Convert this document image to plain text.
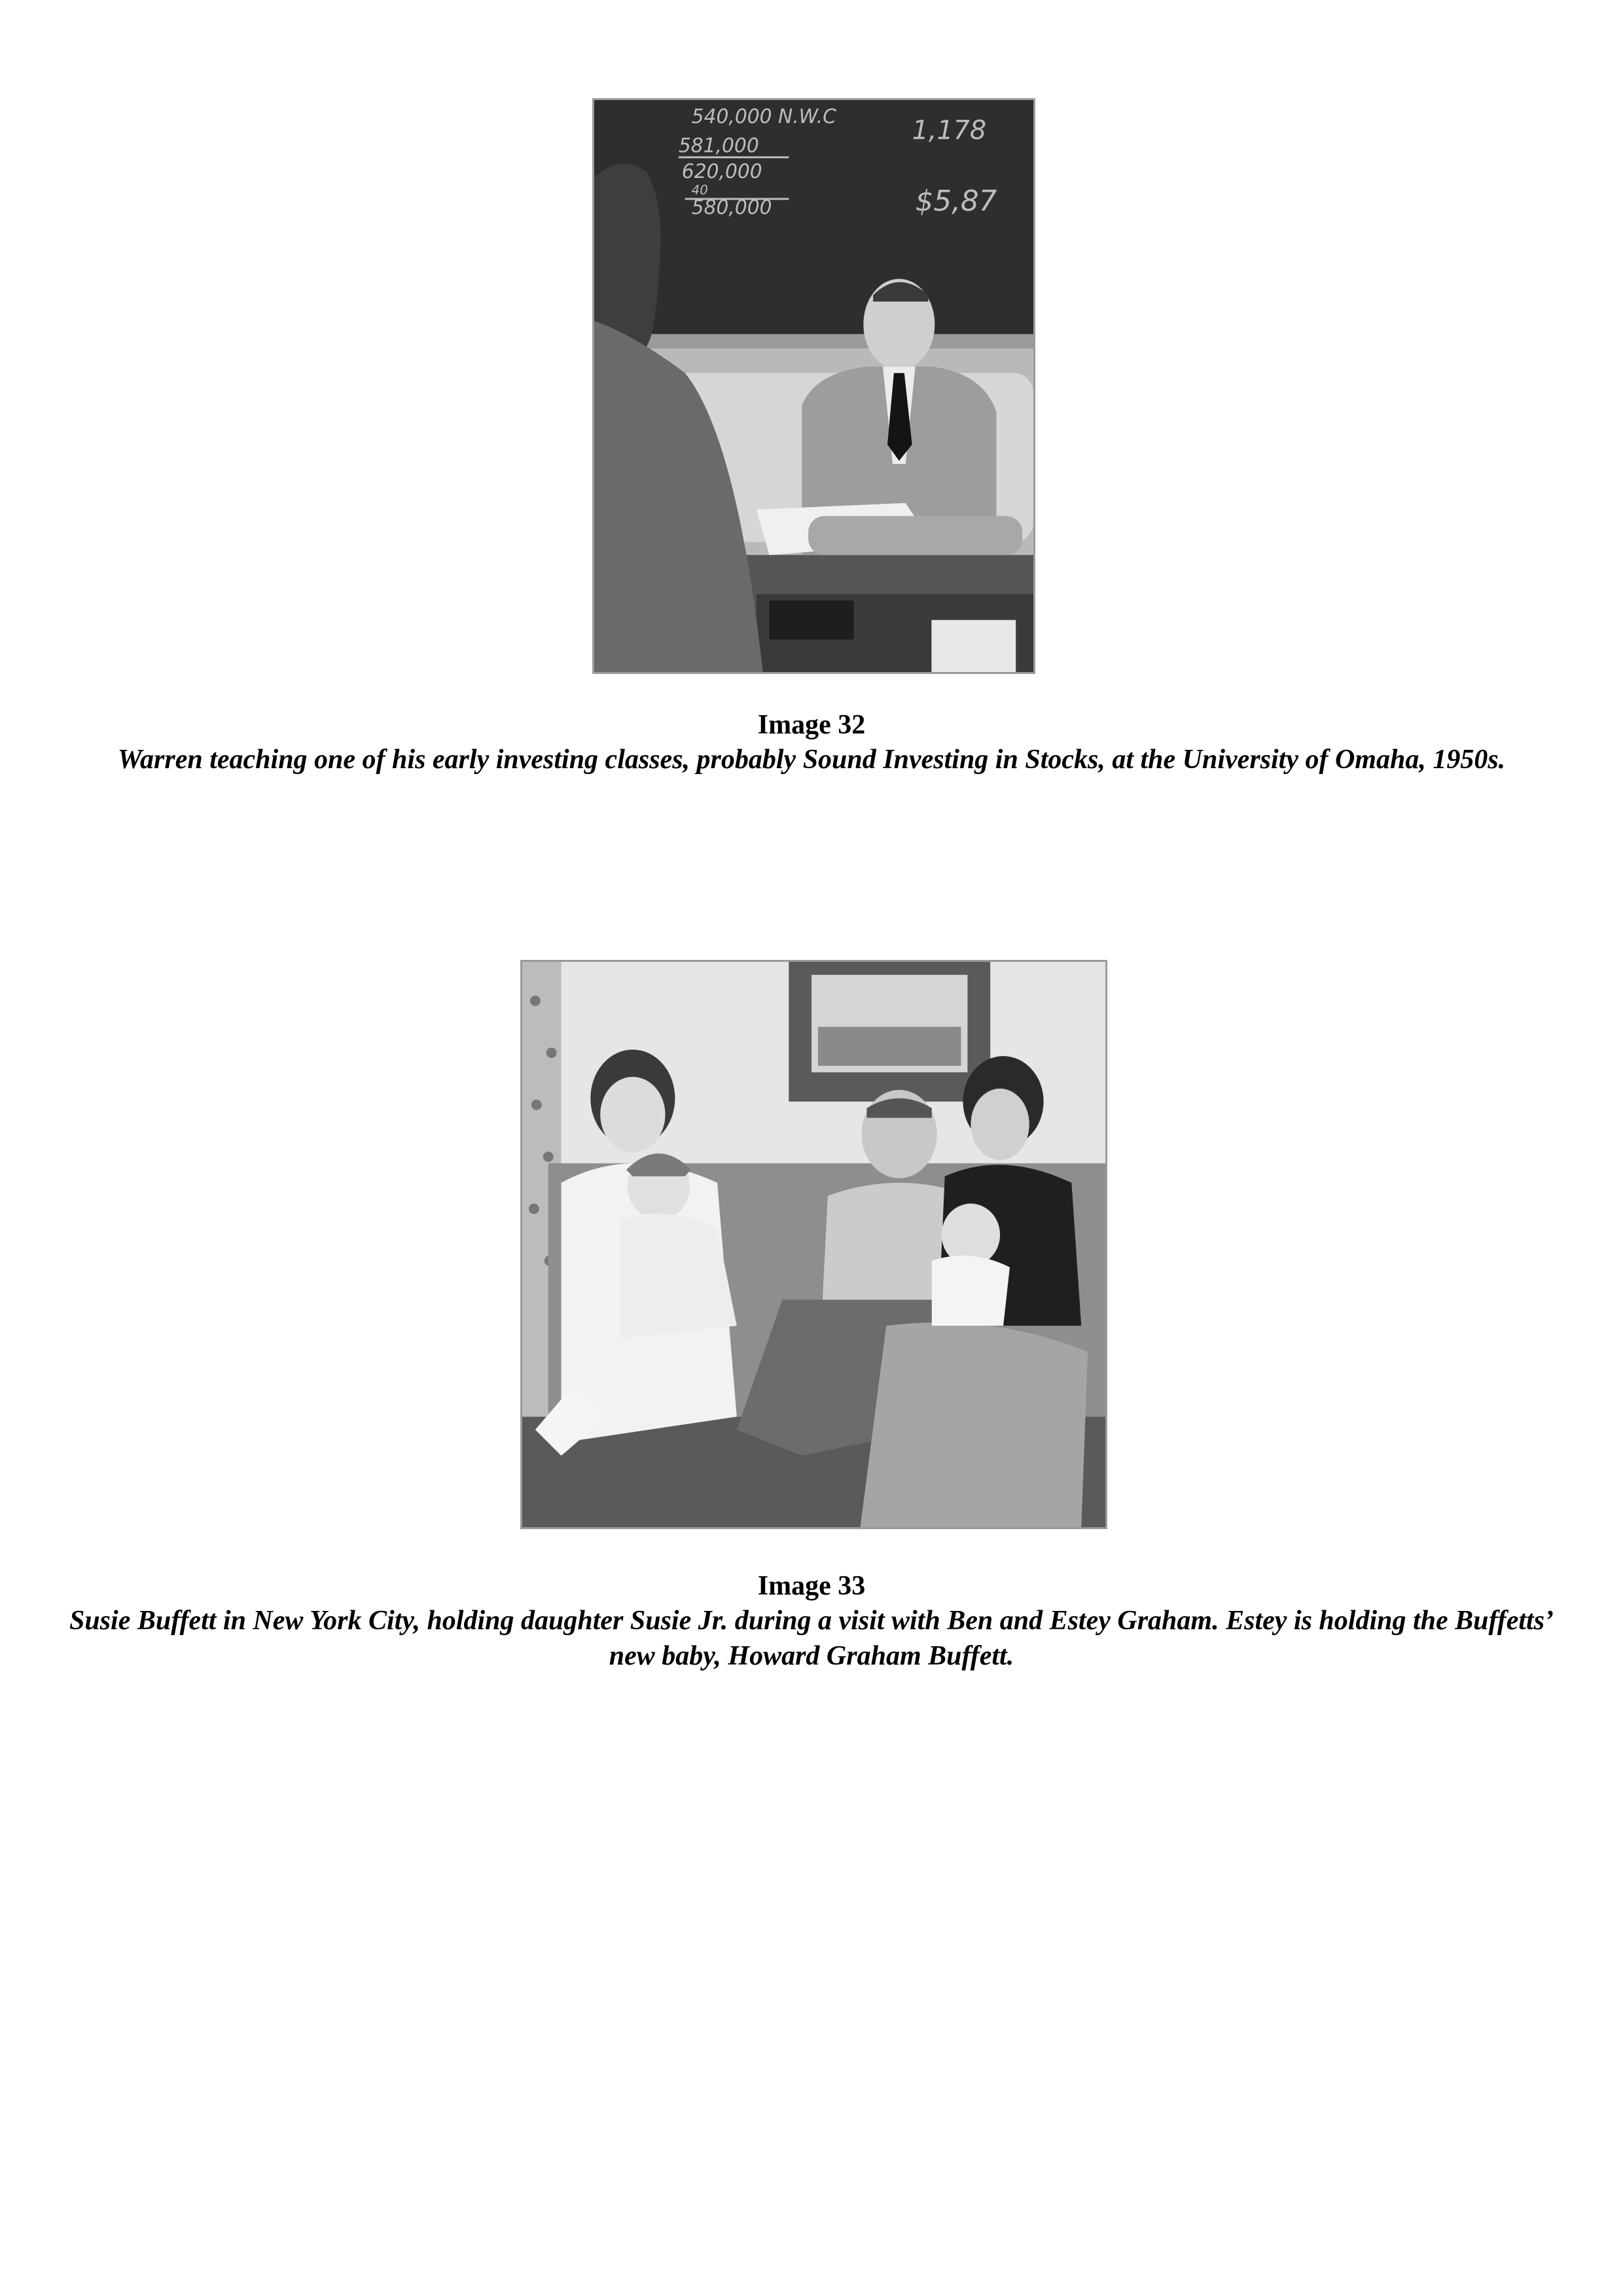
540,000 N.W.C	1,178
581,000
620,000
40
580,000	$5,87
Image 32
Warren teaching one of his early investing classes, probably Sound Investing in Stocks, at the University of Omaha, 1950s.
Image 33
Susie Buffett in New York City, holding daughter Susie Jr. during a visit with Ben and Estey Graham. Estey is holding the Buffetts’ new baby, Howard Graham Buffett.
